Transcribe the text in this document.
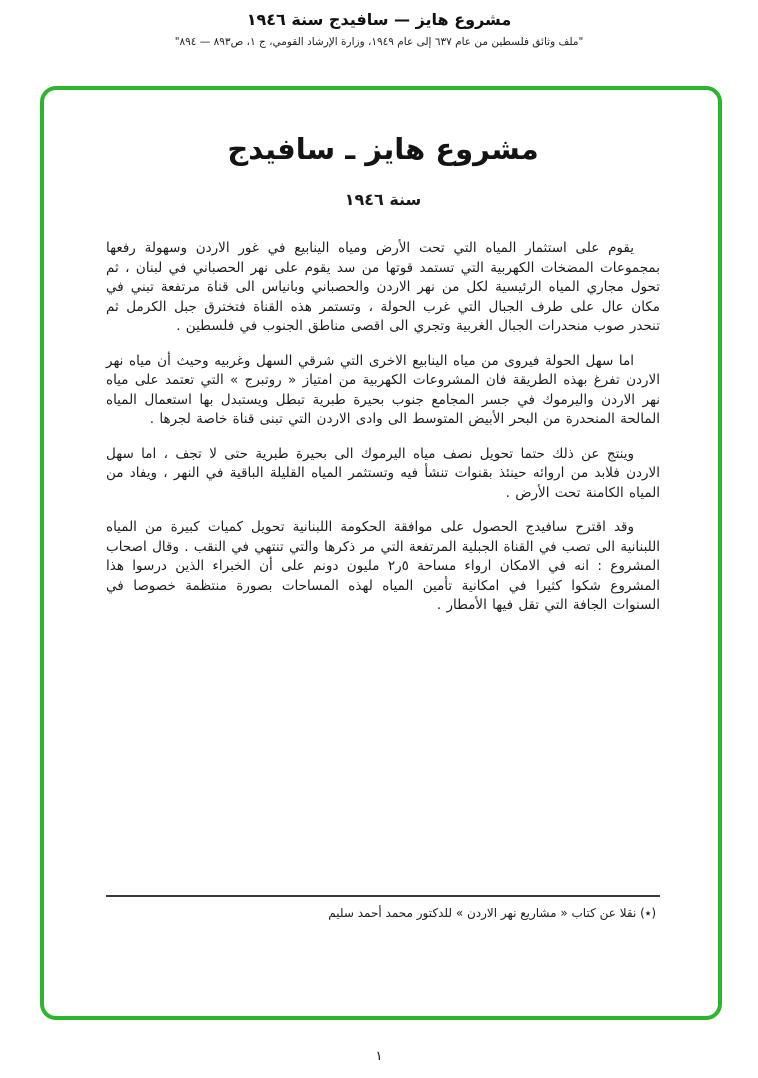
مشروع هايز — سافيدج سنة ١٩٤٦
"ملف وثائق فلسطين من عام ٦٣٧ إلى عام ١٩٤٩، وزارة الإرشاد القومي، ج ١، ص٨٩٣ — ٨٩٤"
مشروع هايز ـ سافيدج
سنة ١٩٤٦

يقوم على استثمار المياه التي تحت الأرض ومياه الينابيع في غور الاردن وسهولة رفعها بمجموعات المضخات الكهربية التي تستمد قوتها من سد يقوم على نهر الحصباني في لبنان ، ثم تحول مجاري المياه الرئيسية لكل من نهر الاردن والحصباني وبانياس الى قناة مرتفعة تبني في مكان عال على طرف الجبال التي غرب الحولة ، وتستمر هذه القناة فتخترق جبل الكرمل ثم تنحدر صوب منحدرات الجبال الغربية وتجري الى اقصى مناطق الجنوب في فلسطين .

اما سهل الحولة فيروى من مياه الينابيع الاخرى التي شرقي السهل وغربيه وحيث أن مياه نهر الاردن تفرغ بهذه الطريقة فان المشروعات الكهربية من امتياز « روتبرج » التي تعتمد على مياه نهر الاردن واليرموك في جسر المجامع جنوب بحيرة طبرية تبطل ويستبدل بها استعمال المياه المالحة المنحدرة من البحر الأبيض المتوسط الى وادى الاردن التي تبنى قناة خاصة لجرها .

وينتج عن ذلك حتما تحويل نصف مياه اليرموك الى بحيرة طبرية حتى لا تجف ، اما سهل الاردن فلابد من اروائه حينئذ بقنوات تنشأ فيه وتستثمر المياه القليلة الباقية في النهر ، ويفاد من المياه الكامنة تحت الأرض .

وقد اقترح سافيدج الحصول على موافقة الحكومة اللبنانية تحويل كميات كبيرة من المياه اللبنانية الى تصب في القناة الجبلية المرتفعة التي مر ذكرها والتي تنتهي في النقب . وقال اصحاب المشروع : انه في الامكان ارواء مساحة ٥ر٢ مليون دونم على أن الخبراء الذين درسوا هذا المشروع شكوا كثيرا في امكانية تأمين المياه لهذه المساحات بصورة منتظمة خصوصا في السنوات الجافة التي تقل فيها الأمطار .

(٭) نقلا عن كتاب « مشاريع نهر الاردن » للدكتور محمد أحمد سليم

١
